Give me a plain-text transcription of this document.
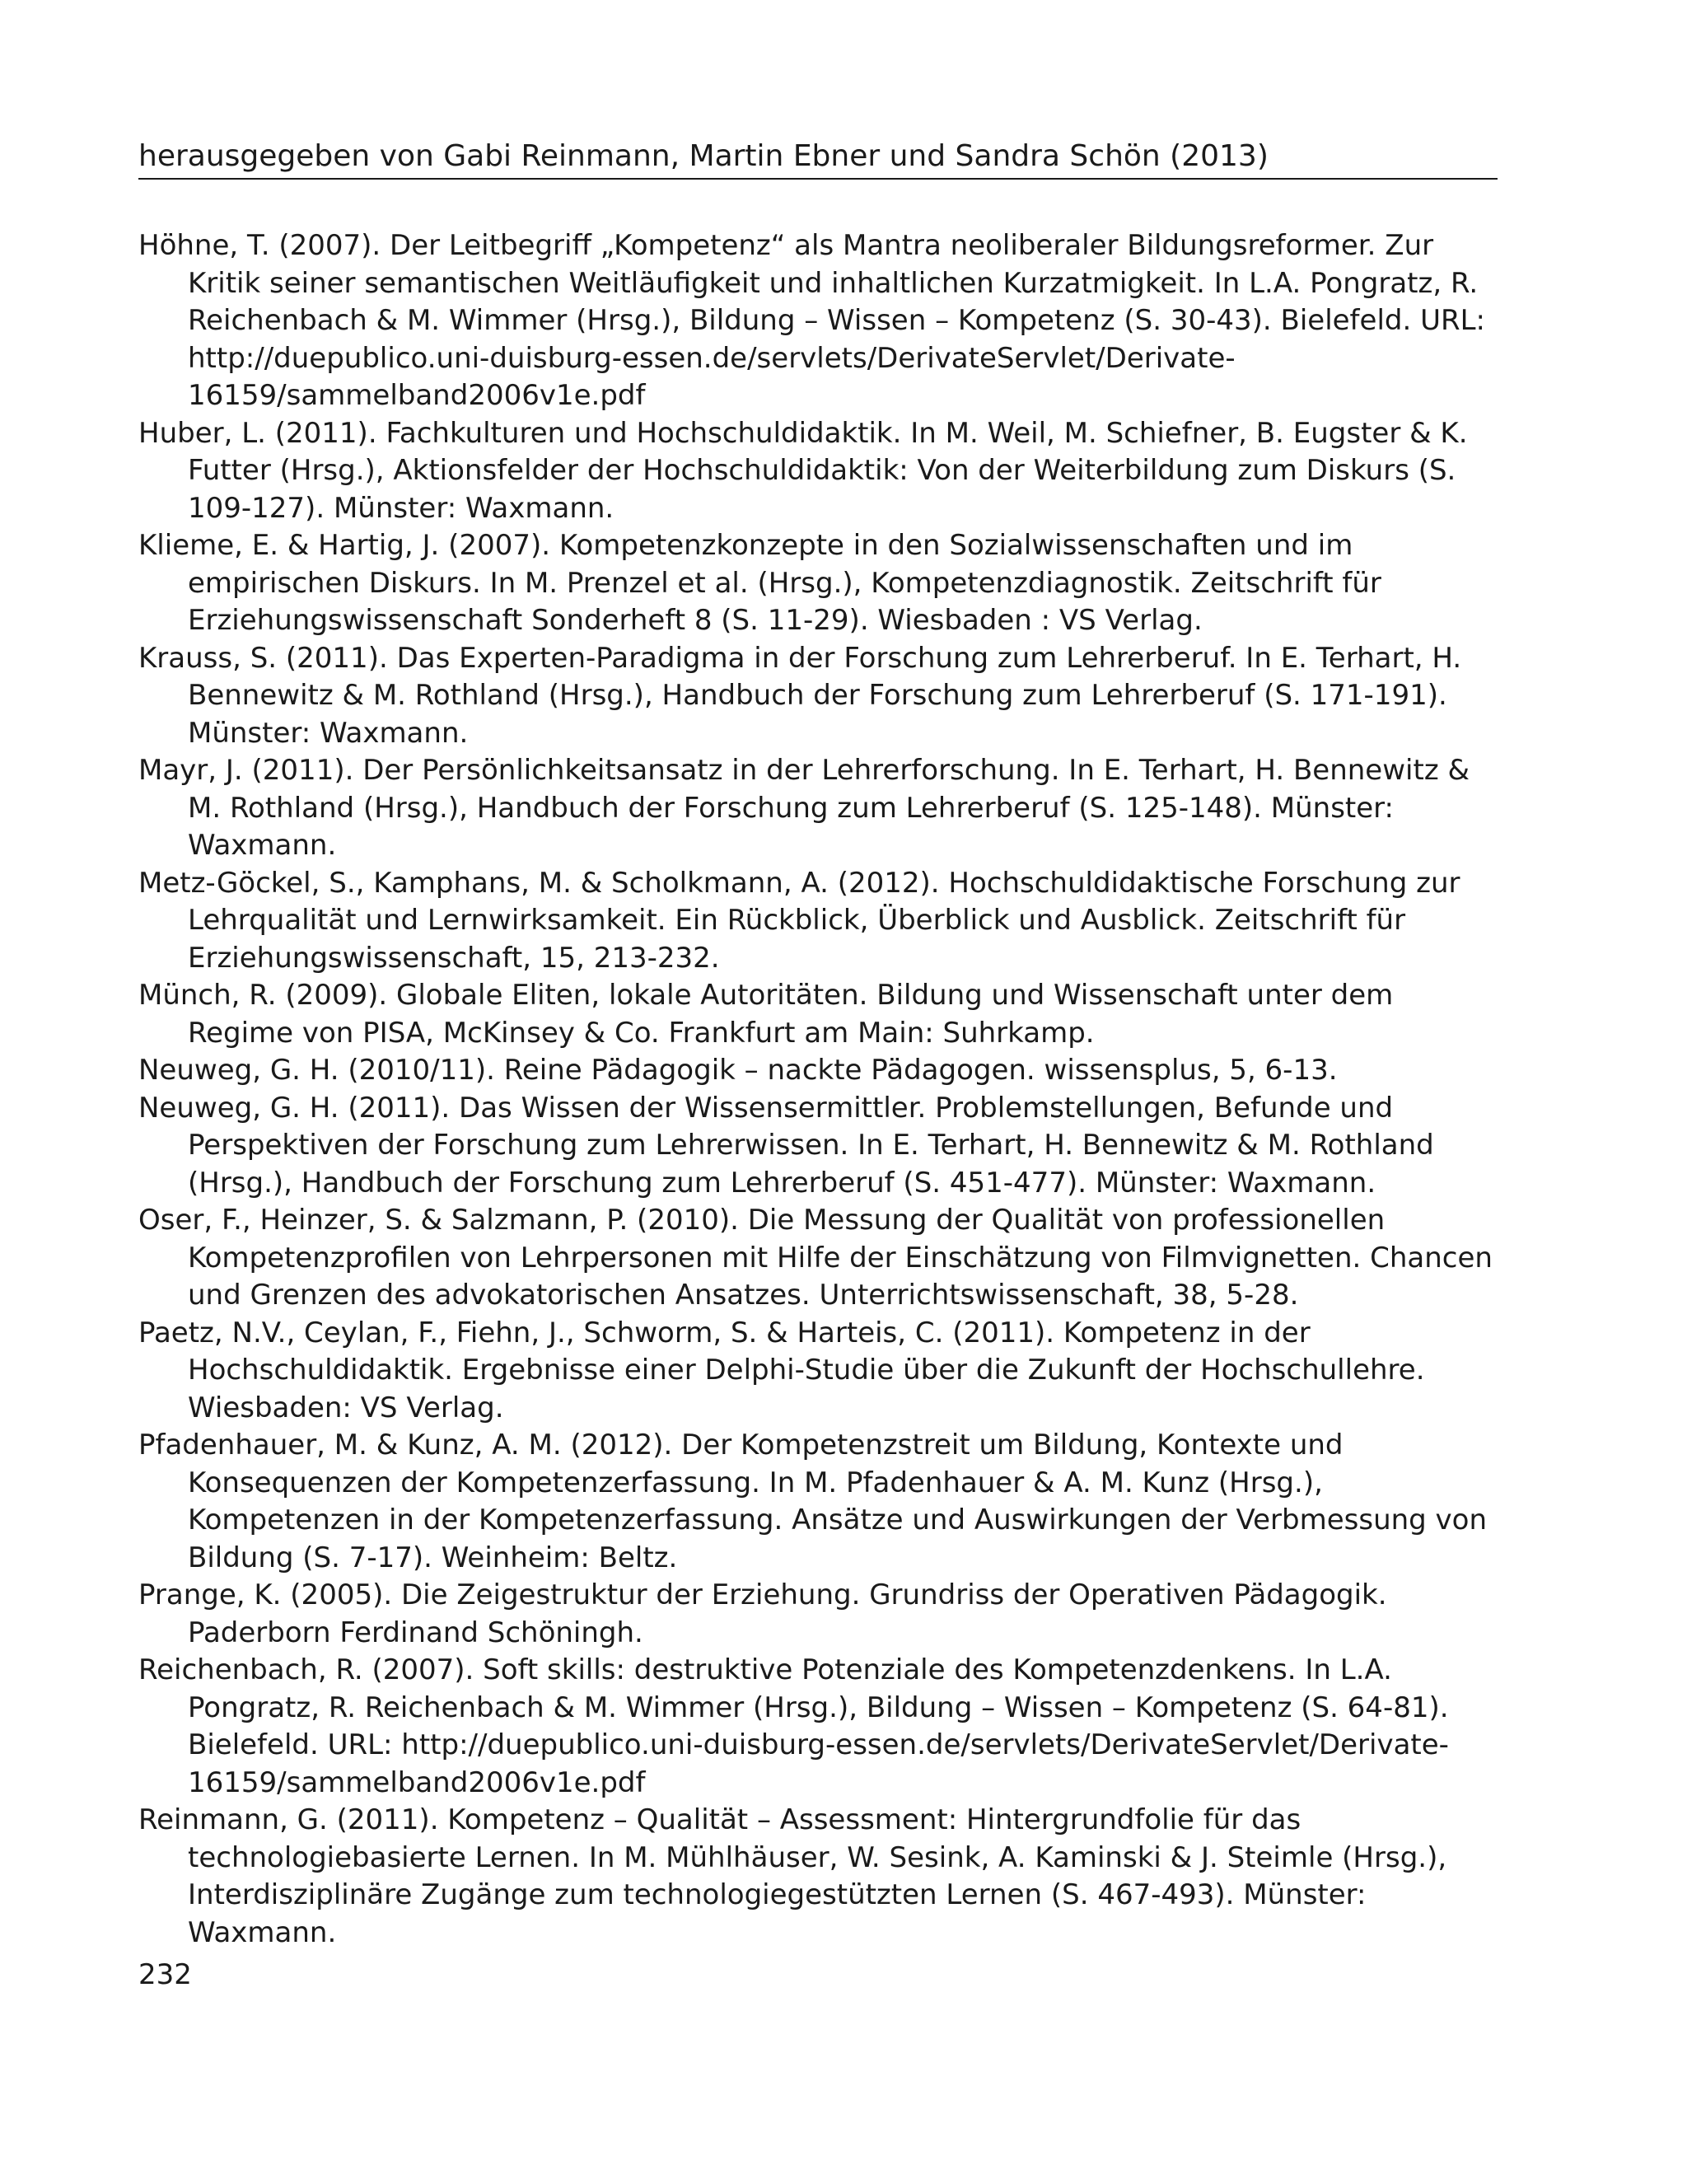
herausgegeben von Gabi Reinmann, Martin Ebner und Sandra Schön (2013)
Höhne, T. (2007). Der Leitbegriff „Kompetenz“ als Mantra neoliberaler Bildungsreformer. Zur Kritik seiner semantischen Weitläufigkeit und inhaltlichen Kurzatmigkeit. In L.A. Pongratz, R. Reichenbach & M. Wimmer (Hrsg.), Bildung – Wissen – Kompetenz (S. 30-43). Bielefeld. URL: http://duepublico.uni-duisburg-essen.de/servlets/DerivateServlet/Derivate-16159/sammelband2006v1e.pdf
Huber, L. (2011). Fachkulturen und Hochschuldidaktik. In M. Weil, M. Schiefner, B. Eugster & K. Futter (Hrsg.), Aktionsfelder der Hochschuldidaktik: Von der Weiterbildung zum Diskurs (S. 109-127). Münster: Waxmann.
Klieme, E. & Hartig, J. (2007). Kompetenzkonzepte in den Sozialwissenschaften und im empirischen Diskurs. In M. Prenzel et al. (Hrsg.), Kompetenzdiagnostik. Zeitschrift für Erziehungswissenschaft Sonderheft 8 (S. 11-29). Wiesbaden : VS Verlag.
Krauss, S. (2011). Das Experten-Paradigma in der Forschung zum Lehrerberuf. In E. Terhart, H. Bennewitz & M. Rothland (Hrsg.), Handbuch der Forschung zum Lehrerberuf (S. 171-191). Münster: Waxmann.
Mayr, J. (2011). Der Persönlichkeitsansatz in der Lehrerforschung. In E. Terhart, H. Bennewitz & M. Rothland (Hrsg.), Handbuch der Forschung zum Lehrerberuf (S. 125-148). Münster: Waxmann.
Metz-Göckel, S., Kamphans, M. & Scholkmann, A. (2012). Hochschuldidaktische Forschung zur Lehrqualität und Lernwirksamkeit. Ein Rückblick, Überblick und Ausblick. Zeitschrift für Erziehungswissenschaft, 15, 213-232.
Münch, R. (2009). Globale Eliten, lokale Autoritäten. Bildung und Wissenschaft unter dem Regime von PISA, McKinsey & Co. Frankfurt am Main: Suhrkamp.
Neuweg, G. H. (2010/11). Reine Pädagogik – nackte Pädagogen. wissensplus, 5, 6-13.
Neuweg, G. H. (2011). Das Wissen der Wissensermittler. Problemstellungen, Befunde und Perspektiven der Forschung zum Lehrerwissen. In E. Terhart, H. Bennewitz & M. Rothland (Hrsg.), Handbuch der Forschung zum Lehrerberuf (S. 451-477). Münster: Waxmann.
Oser, F., Heinzer, S. & Salzmann, P. (2010). Die Messung der Qualität von professionellen Kompetenzprofilen von Lehrpersonen mit Hilfe der Einschätzung von Filmvignetten. Chancen und Grenzen des advokatorischen Ansatzes. Unterrichtswissenschaft, 38, 5-28.
Paetz, N.V., Ceylan, F., Fiehn, J., Schworm, S. & Harteis, C. (2011). Kompetenz in der Hochschuldidaktik. Ergebnisse einer Delphi-Studie über die Zukunft der Hochschullehre. Wiesbaden: VS Verlag.
Pfadenhauer, M. & Kunz, A. M. (2012). Der Kompetenzstreit um Bildung, Kontexte und Konsequenzen der Kompetenzerfassung. In M. Pfadenhauer & A. M. Kunz (Hrsg.), Kompetenzen in der Kompetenzerfassung. Ansätze und Auswirkungen der Verbmessung von Bildung (S. 7-17). Weinheim: Beltz.
Prange, K. (2005). Die Zeigestruktur der Erziehung. Grundriss der Operativen Pädagogik. Paderborn Ferdinand Schöningh.
Reichenbach, R. (2007). Soft skills: destruktive Potenziale des Kompetenzdenkens. In L.A. Pongratz, R. Reichenbach & M. Wimmer (Hrsg.), Bildung – Wissen – Kompetenz (S. 64-81). Bielefeld. URL: http://duepublico.uni-duisburg-essen.de/servlets/DerivateServlet/Derivate-16159/sammelband2006v1e.pdf
Reinmann, G. (2011). Kompetenz – Qualität – Assessment: Hintergrundfolie für das technologiebasierte Lernen. In M. Mühlhäuser, W. Sesink, A. Kaminski & J. Steimle (Hrsg.), Interdisziplinäre Zugänge zum technologiegestützten Lernen (S. 467-493). Münster: Waxmann.
232
